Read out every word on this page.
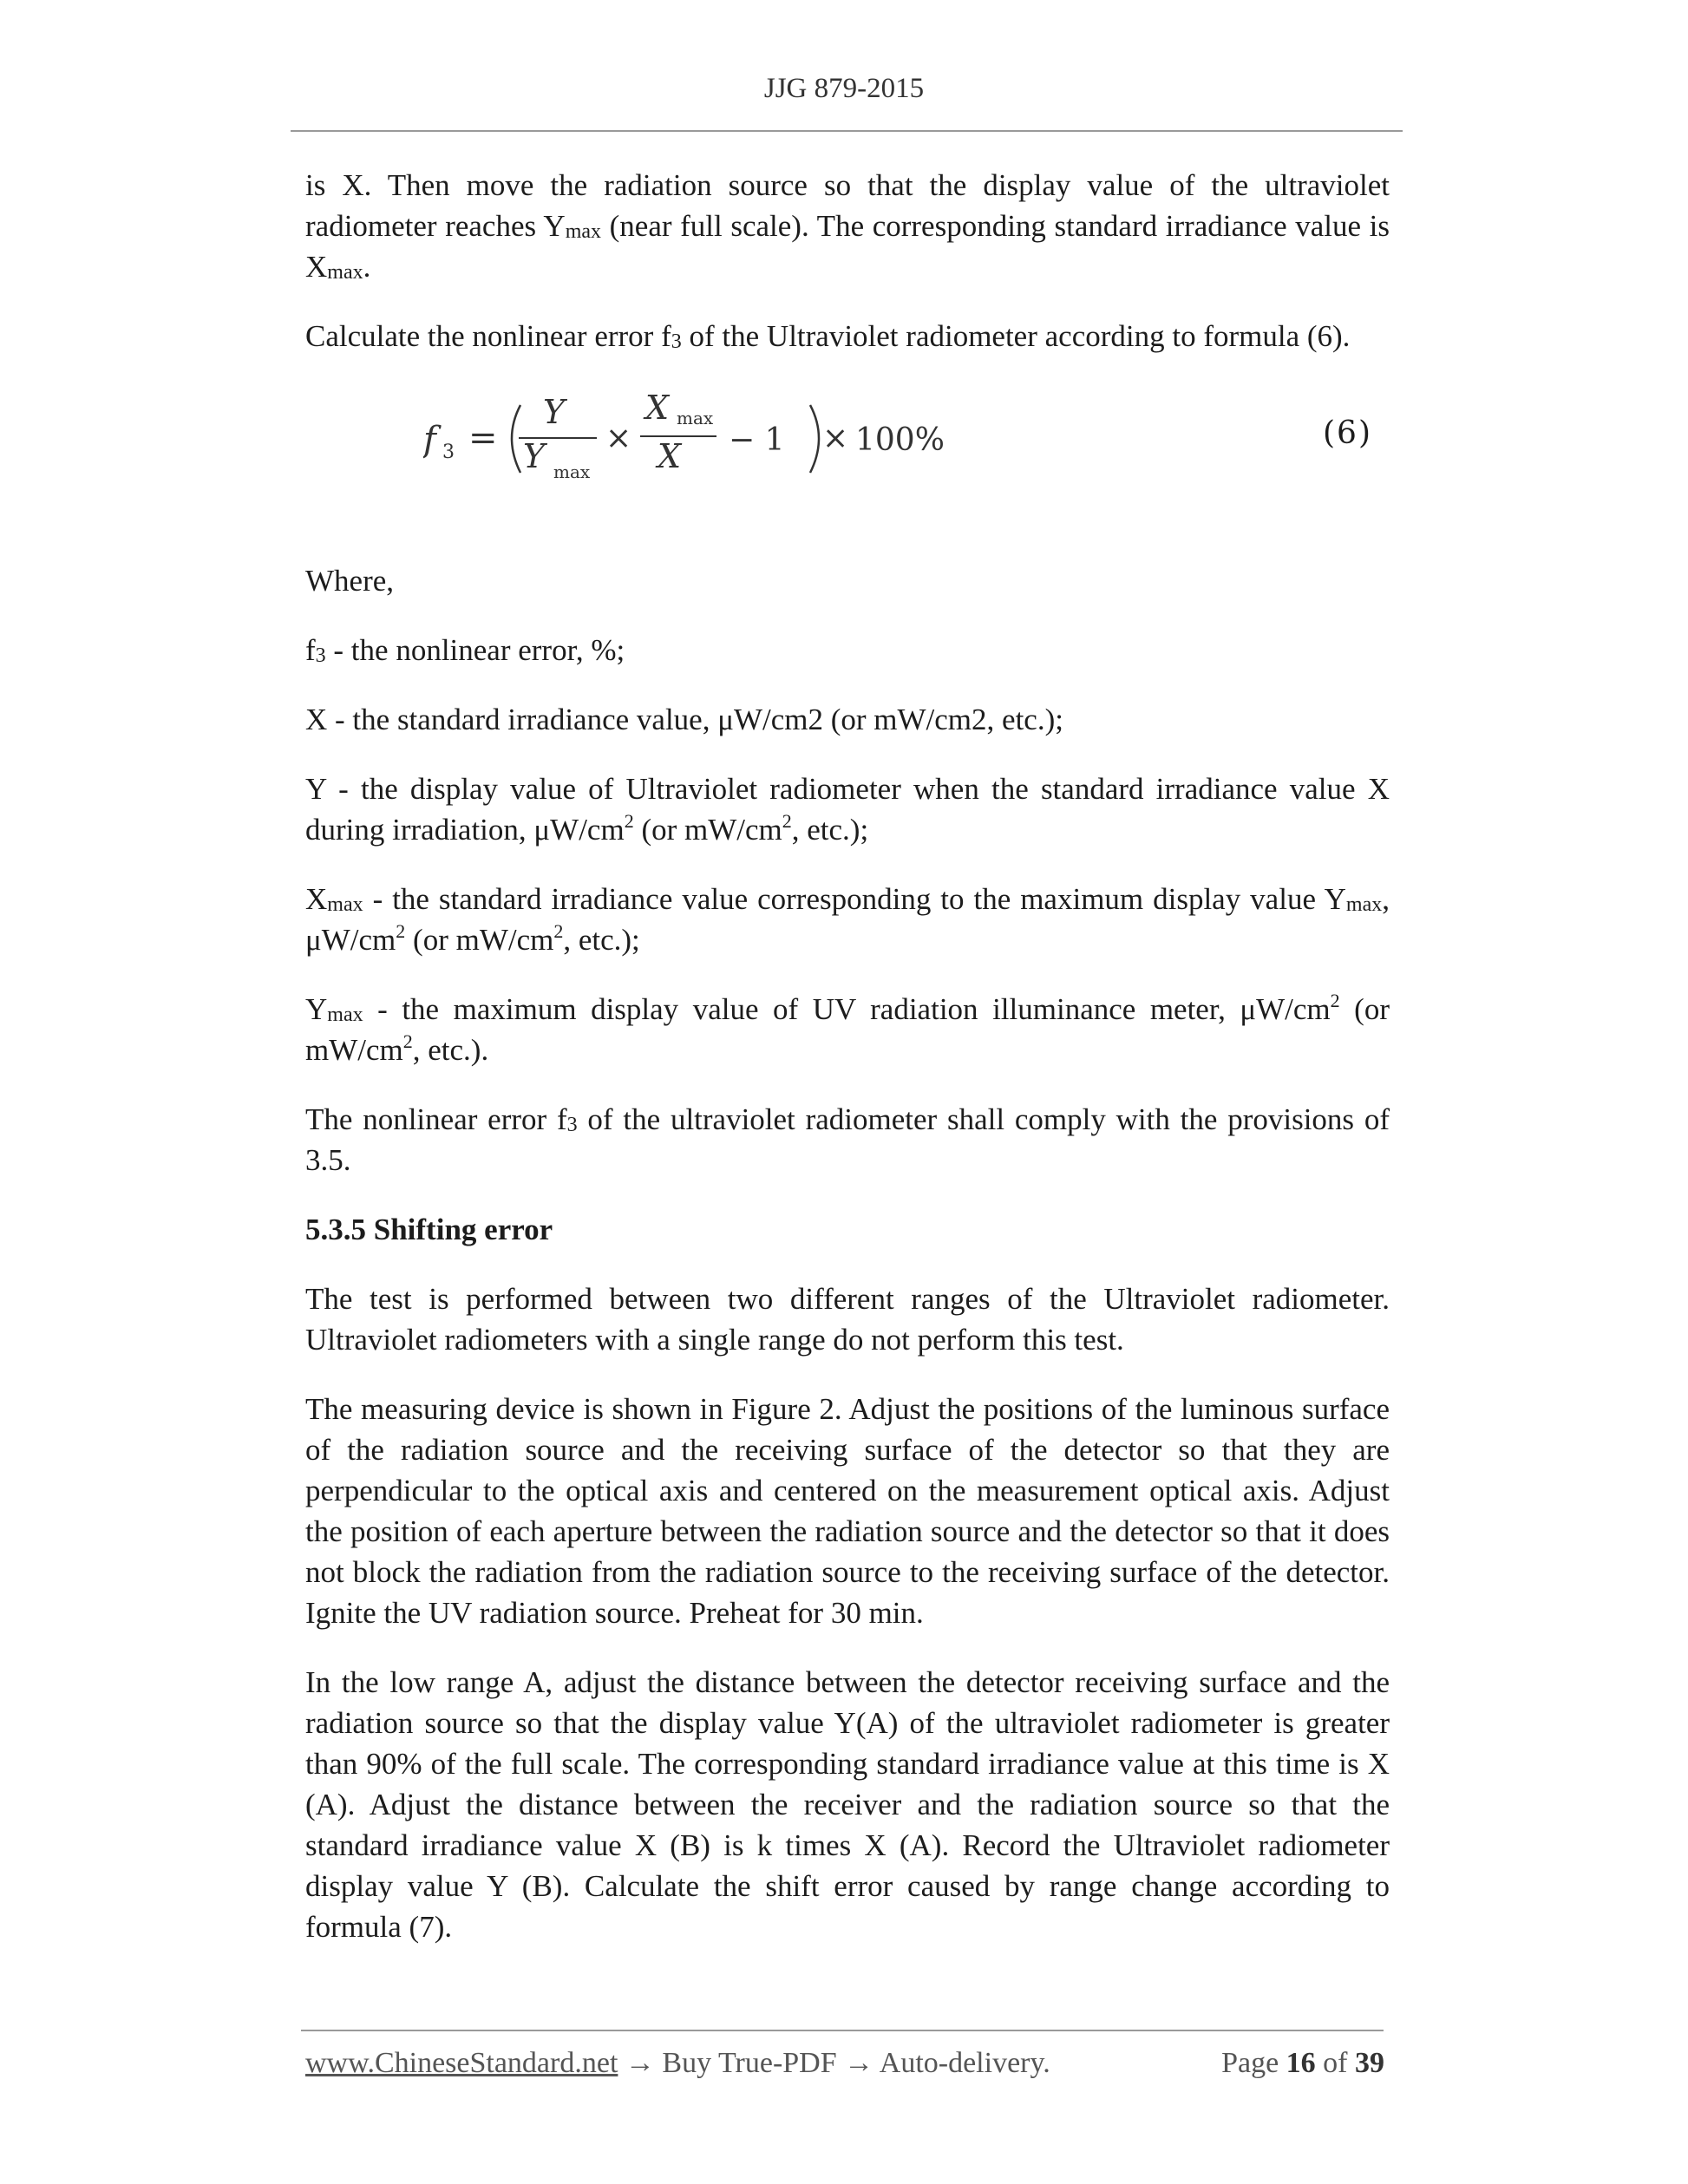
JJG 879-2015

is X. Then move the radiation source so that the display value of the ultraviolet radiometer reaches $Y_{max}$ (near full scale). The corresponding standard irradiance value is $X_{max}$.

Calculate the nonlinear error $f_3$ of the Ultraviolet radiometer according to formula (6).

f 3 =
Y
Y max
×
X max
X − 1 × 100%	(6)

Where,

$f_3$ - the nonlinear error, %;

X - the standard irradiance value, μW/cm2 (or mW/cm2, etc.);

Y - the display value of Ultraviolet radiometer when the standard irradiance value X during irradiation, $\mu W/cm^2$ (or $mW/cm^2$, etc.);

$X_{max}$ - the standard irradiance value corresponding to the maximum display value $Y_{max}$, $\mu W/cm^2$ (or $mW/cm^2$, etc.);

$Y_{max}$ - the maximum display value of UV radiation illuminance meter, $\mu W/cm^2$ (or $mW/cm^2$, etc.).

The nonlinear error $f_3$ of the ultraviolet radiometer shall comply with the provisions of 3.5.

5.3.5 Shifting error

The test is performed between two different ranges of the Ultraviolet radiometer. Ultraviolet radiometers with a single range do not perform this test.

The measuring device is shown in Figure 2. Adjust the positions of the luminous surface of the radiation source and the receiving surface of the detector so that they are perpendicular to the optical axis and centered on the measurement optical axis. Adjust the position of each aperture between the radiation source and the detector so that it does not block the radiation from the radiation source to the receiving surface of the detector. Ignite the UV radiation source. Preheat for 30 min.

In the low range A, adjust the distance between the detector receiving surface and the radiation source so that the display value Y(A) of the ultraviolet radiometer is greater than 90% of the full scale. The corresponding standard irradiance value at this time is X (A). Adjust the distance between the receiver and the radiation source so that the standard irradiance value X (B) is k times X (A). Record the Ultraviolet radiometer display value Y (B). Calculate the shift error caused by range change according to formula (7).

www.ChineseStandard.net → Buy True-PDF → Auto-delivery.	Page 16 of 39
